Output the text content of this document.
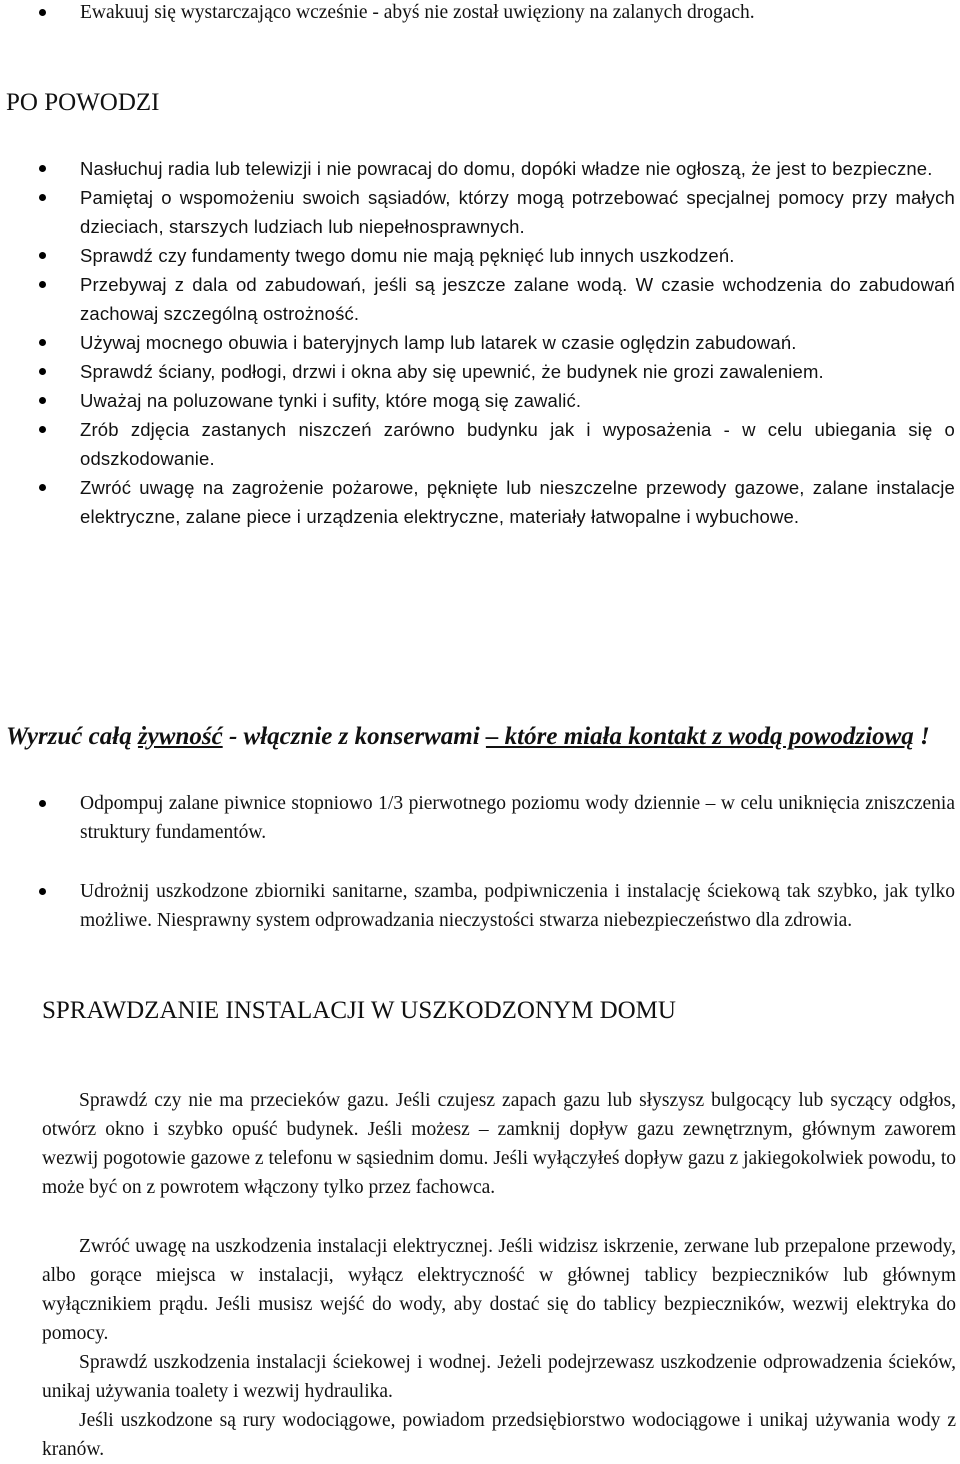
Ewakuuj się wystarczająco wcześnie - abyś nie został uwięziony na zalanych drogach.
PO POWODZI
Nasłuchuj radia lub telewizji i nie powracaj do domu, dopóki władze nie ogłoszą, że jest to bezpieczne.
Pamiętaj o wspomożeniu swoich sąsiadów, którzy mogą potrzebować specjalnej pomocy przy małych dzieciach, starszych ludziach lub niepełnosprawnych.
Sprawdź czy fundamenty twego domu nie mają pęknięć lub innych uszkodzeń.
Przebywaj z dala od zabudowań, jeśli są jeszcze zalane wodą. W czasie wchodzenia do zabudowań zachowaj szczególną ostrożność.
Używaj mocnego obuwia i bateryjnych lamp lub latarek w czasie oględzin zabudowań.
Sprawdź ściany, podłogi, drzwi i okna aby się upewnić, że budynek nie grozi zawaleniem.
Uważaj na poluzowane tynki i sufity, które mogą się zawalić.
Zrób zdjęcia zastanych niszczeń zarówno budynku jak i wyposażenia - w celu ubiegania się o odszkodowanie.
Zwróć uwagę na zagrożenie pożarowe, pęknięte lub nieszczelne przewody gazowe, zalane instalacje elektryczne, zalane piece i urządzenia elektryczne, materiały łatwopalne i wybuchowe.
Wyrzuć całą żywność - włącznie z konserwami – które miała kontakt z wodą powodziową !
Odpompuj zalane piwnice stopniowo 1/3 pierwotnego poziomu wody dziennie – w celu uniknięcia zniszczenia struktury fundamentów.
Udrożnij uszkodzone zbiorniki sanitarne, szamba, podpiwniczenia i instalację ściekową tak szybko, jak tylko możliwe. Niesprawny system odprowadzania nieczystości stwarza niebezpieczeństwo dla zdrowia.
SPRAWDZANIE INSTALACJI W USZKODZONYM DOMU

Sprawdź czy nie ma przecieków gazu. Jeśli czujesz zapach gazu lub słyszysz bulgocący lub syczący odgłos, otwórz okno i szybko opuść budynek. Jeśli możesz – zamknij dopływ gazu zewnętrznym, głównym zaworem wezwij pogotowie gazowe z telefonu w sąsiednim domu. Jeśli wyłączyłeś dopływ gazu z jakiegokolwiek powodu, to może być on z powrotem włączony tylko przez fachowca.

Zwróć uwagę na uszkodzenia instalacji elektrycznej. Jeśli widzisz iskrzenie, zerwane lub przepalone przewody, albo gorące miejsca w instalacji, wyłącz elektryczność w głównej tablicy bezpieczników lub głównym wyłącznikiem prądu. Jeśli musisz wejść do wody, aby dostać się do tablicy bezpieczników, wezwij elektryka do pomocy.

Sprawdź uszkodzenia instalacji ściekowej i wodnej. Jeżeli podejrzewasz uszkodzenie odprowadzenia ścieków, unikaj używania toalety i wezwij hydraulika.

Jeśli uszkodzone są rury wodociągowe, powiadom przedsiębiorstwo wodociągowe i unikaj używania wody z kranów.
